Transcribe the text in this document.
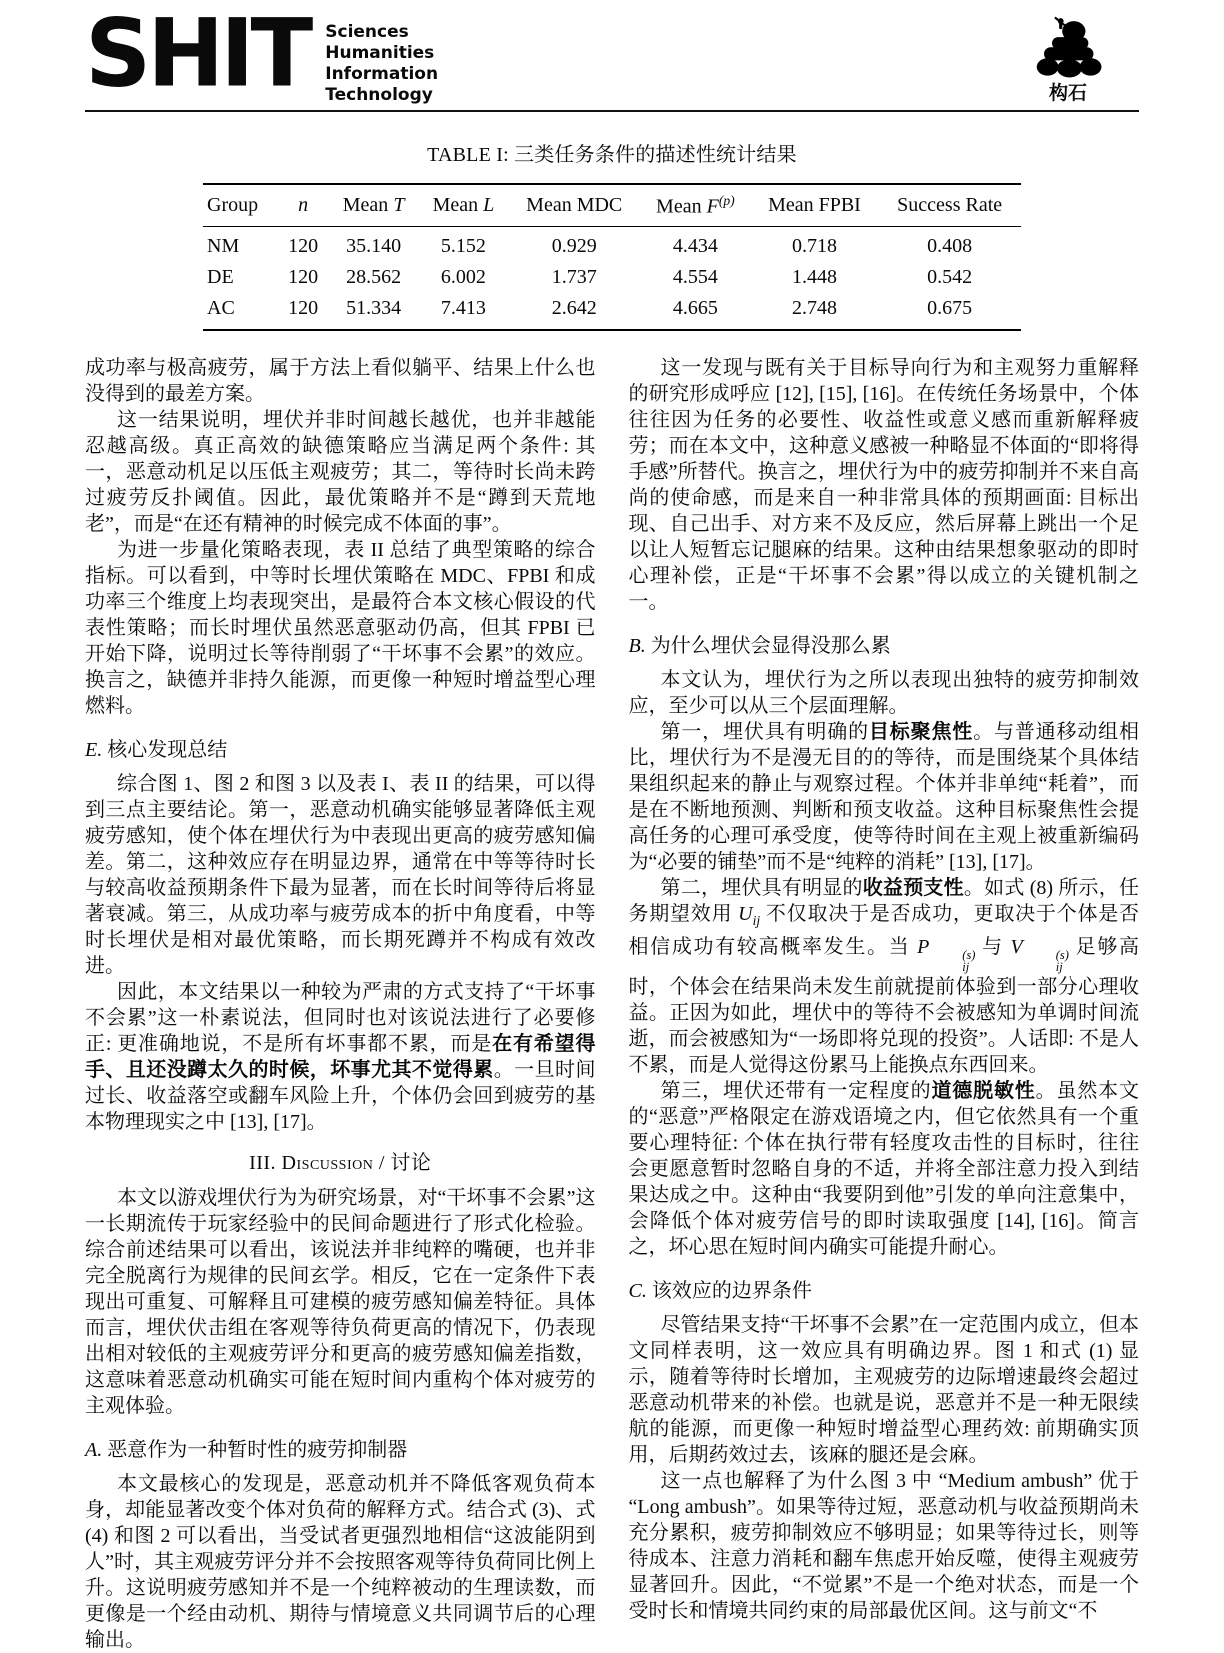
SHIT Sciences
Humanities
Information
Technology	构石
TABLE I: 三类任务条件的描述性统计结果
Group	n	Mean T	Mean L	Mean MDC	Mean $F^{(p)}$	Mean FPBI	Success Rate
NM	120	35.140	5.152	0.929	4.434	0.718	0.408
DE	120	28.562	6.002	1.737	4.554	1.448	0.542
AC	120	51.334	7.413	2.642	4.665	2.748	0.675

成功率与极高疲劳，属于方法上看似躺平、结果上什么也没得到的最差方案。

这一结果说明，埋伏并非时间越长越优，也并非越能忍越高级。真正高效的缺德策略应当满足两个条件: 其一，恶意动机足以压低主观疲劳；其二，等待时长尚未跨过疲劳反扑阈值。因此，最优策略并不是“蹲到天荒地老”，而是“在还有精神的时候完成不体面的事”。

为进一步量化策略表现，表 II 总结了典型策略的综合指标。可以看到，中等时长埋伏策略在 MDC、FPBI 和成功率三个维度上均表现突出，是最符合本文核心假设的代表性策略；而长时埋伏虽然恶意驱动仍高，但其 FPBI 已开始下降，说明过长等待削弱了“干坏事不会累”的效应。换言之，缺德并非持久能源，而更像一种短时增益型心理燃料。

E. 核心发现总结

综合图 1、图 2 和图 3 以及表 I、表 II 的结果，可以得到三点主要结论。第一，恶意动机确实能够显著降低主观疲劳感知，使个体在埋伏行为中表现出更高的疲劳感知偏差。第二，这种效应存在明显边界，通常在中等等待时长与较高收益预期条件下最为显著，而在长时间等待后将显著衰减。第三，从成功率与疲劳成本的折中角度看，中等时长埋伏是相对最优策略，而长期死蹲并不构成有效改进。

因此，本文结果以一种较为严肃的方式支持了“干坏事不会累”这一朴素说法，但同时也对该说法进行了必要修正: 更准确地说，不是所有坏事都不累，而是在有希望得手、且还没蹲太久的时候，坏事尤其不觉得累。一旦时间过长、收益落空或翻车风险上升，个体仍会回到疲劳的基本物理现实之中 [13], [17]。

III. Discussion / 讨论

本文以游戏埋伏行为为研究场景，对“干坏事不会累”这一长期流传于玩家经验中的民间命题进行了形式化检验。综合前述结果可以看出，该说法并非纯粹的嘴硬，也并非完全脱离行为规律的民间玄学。相反，它在一定条件下表现出可重复、可解释且可建模的疲劳感知偏差特征。具体而言，埋伏伏击组在客观等待负荷更高的情况下，仍表现出相对较低的主观疲劳评分和更高的疲劳感知偏差指数，这意味着恶意动机确实可能在短时间内重构个体对疲劳的主观体验。

A. 恶意作为一种暂时性的疲劳抑制器

本文最核心的发现是，恶意动机并不降低客观负荷本身，却能显著改变个体对负荷的解释方式。结合式 (3)、式 (4) 和图 2 可以看出，当受试者更强烈地相信“这波能阴到人”时，其主观疲劳评分并不会按照客观等待负荷同比例上升。这说明疲劳感知并不是一个纯粹被动的生理读数，而更像是一个经由动机、期待与情境意义共同调节后的心理输出。

这一发现与既有关于目标导向行为和主观努力重解释的研究形成呼应 [12], [15], [16]。在传统任务场景中，个体往往因为任务的必要性、收益性或意义感而重新解释疲劳；而在本文中，这种意义感被一种略显不体面的“即将得手感”所替代。换言之，埋伏行为中的疲劳抑制并不来自高尚的使命感，而是来自一种非常具体的预期画面: 目标出现、自己出手、对方来不及反应，然后屏幕上跳出一个足以让人短暂忘记腿麻的结果。这种由结果想象驱动的即时心理补偿，正是“干坏事不会累”得以成立的关键机制之一。

B. 为什么埋伏会显得没那么累

本文认为，埋伏行为之所以表现出独特的疲劳抑制效应，至少可以从三个层面理解。

第一，埋伏具有明确的目标聚焦性。与普通移动组相比，埋伏行为不是漫无目的的等待，而是围绕某个具体结果组织起来的静止与观察过程。个体并非单纯“耗着”，而是在不断地预测、判断和预支收益。这种目标聚焦性会提高任务的心理可承受度，使等待时间在主观上被重新编码为“必要的铺垫”而不是“纯粹的消耗” [13], [17]。

第二，埋伏具有明显的收益预支性。如式 (8) 所示，任务期望效用 $U_{ij}$ 不仅取决于是否成功，更取决于个体是否相信成功有较高概率发生。当 P	(s)
ij
与 V	(s)
ij
足够高时，个体会在结果尚未发生前就提前体验到一部分心理收益。正因为如此，埋伏中的等待不会被感知为单调时间流逝，而会被感知为“一场即将兑现的投资”。人话即: 不是人不累，而是人觉得这份累马上能换点东西回来。

第三，埋伏还带有一定程度的道德脱敏性。虽然本文的“恶意”严格限定在游戏语境之内，但它依然具有一个重要心理特征: 个体在执行带有轻度攻击性的目标时，往往会更愿意暂时忽略自身的不适，并将全部注意力投入到结果达成之中。这种由“我要阴到他”引发的单向注意集中，会降低个体对疲劳信号的即时读取强度 [14], [16]。简言之，坏心思在短时间内确实可能提升耐心。

C. 该效应的边界条件

尽管结果支持“干坏事不会累”在一定范围内成立，但本文同样表明，这一效应具有明确边界。图 1 和式 (1) 显示，随着等待时长增加，主观疲劳的边际增速最终会超过恶意动机带来的补偿。也就是说，恶意并不是一种无限续航的能源，而更像一种短时增益型心理药效: 前期确实顶用，后期药效过去，该麻的腿还是会麻。

这一点也解释了为什么图 3 中 “Medium ambush” 优于 “Long ambush”。如果等待过短，恶意动机与收益预期尚未充分累积，疲劳抑制效应不够明显；如果等待过长，则等待成本、注意力消耗和翻车焦虑开始反噬，使得主观疲劳显著回升。因此，“不觉累”不是一个绝对状态，而是一个受时长和情境共同约束的局部最优区间。这与前文“不
